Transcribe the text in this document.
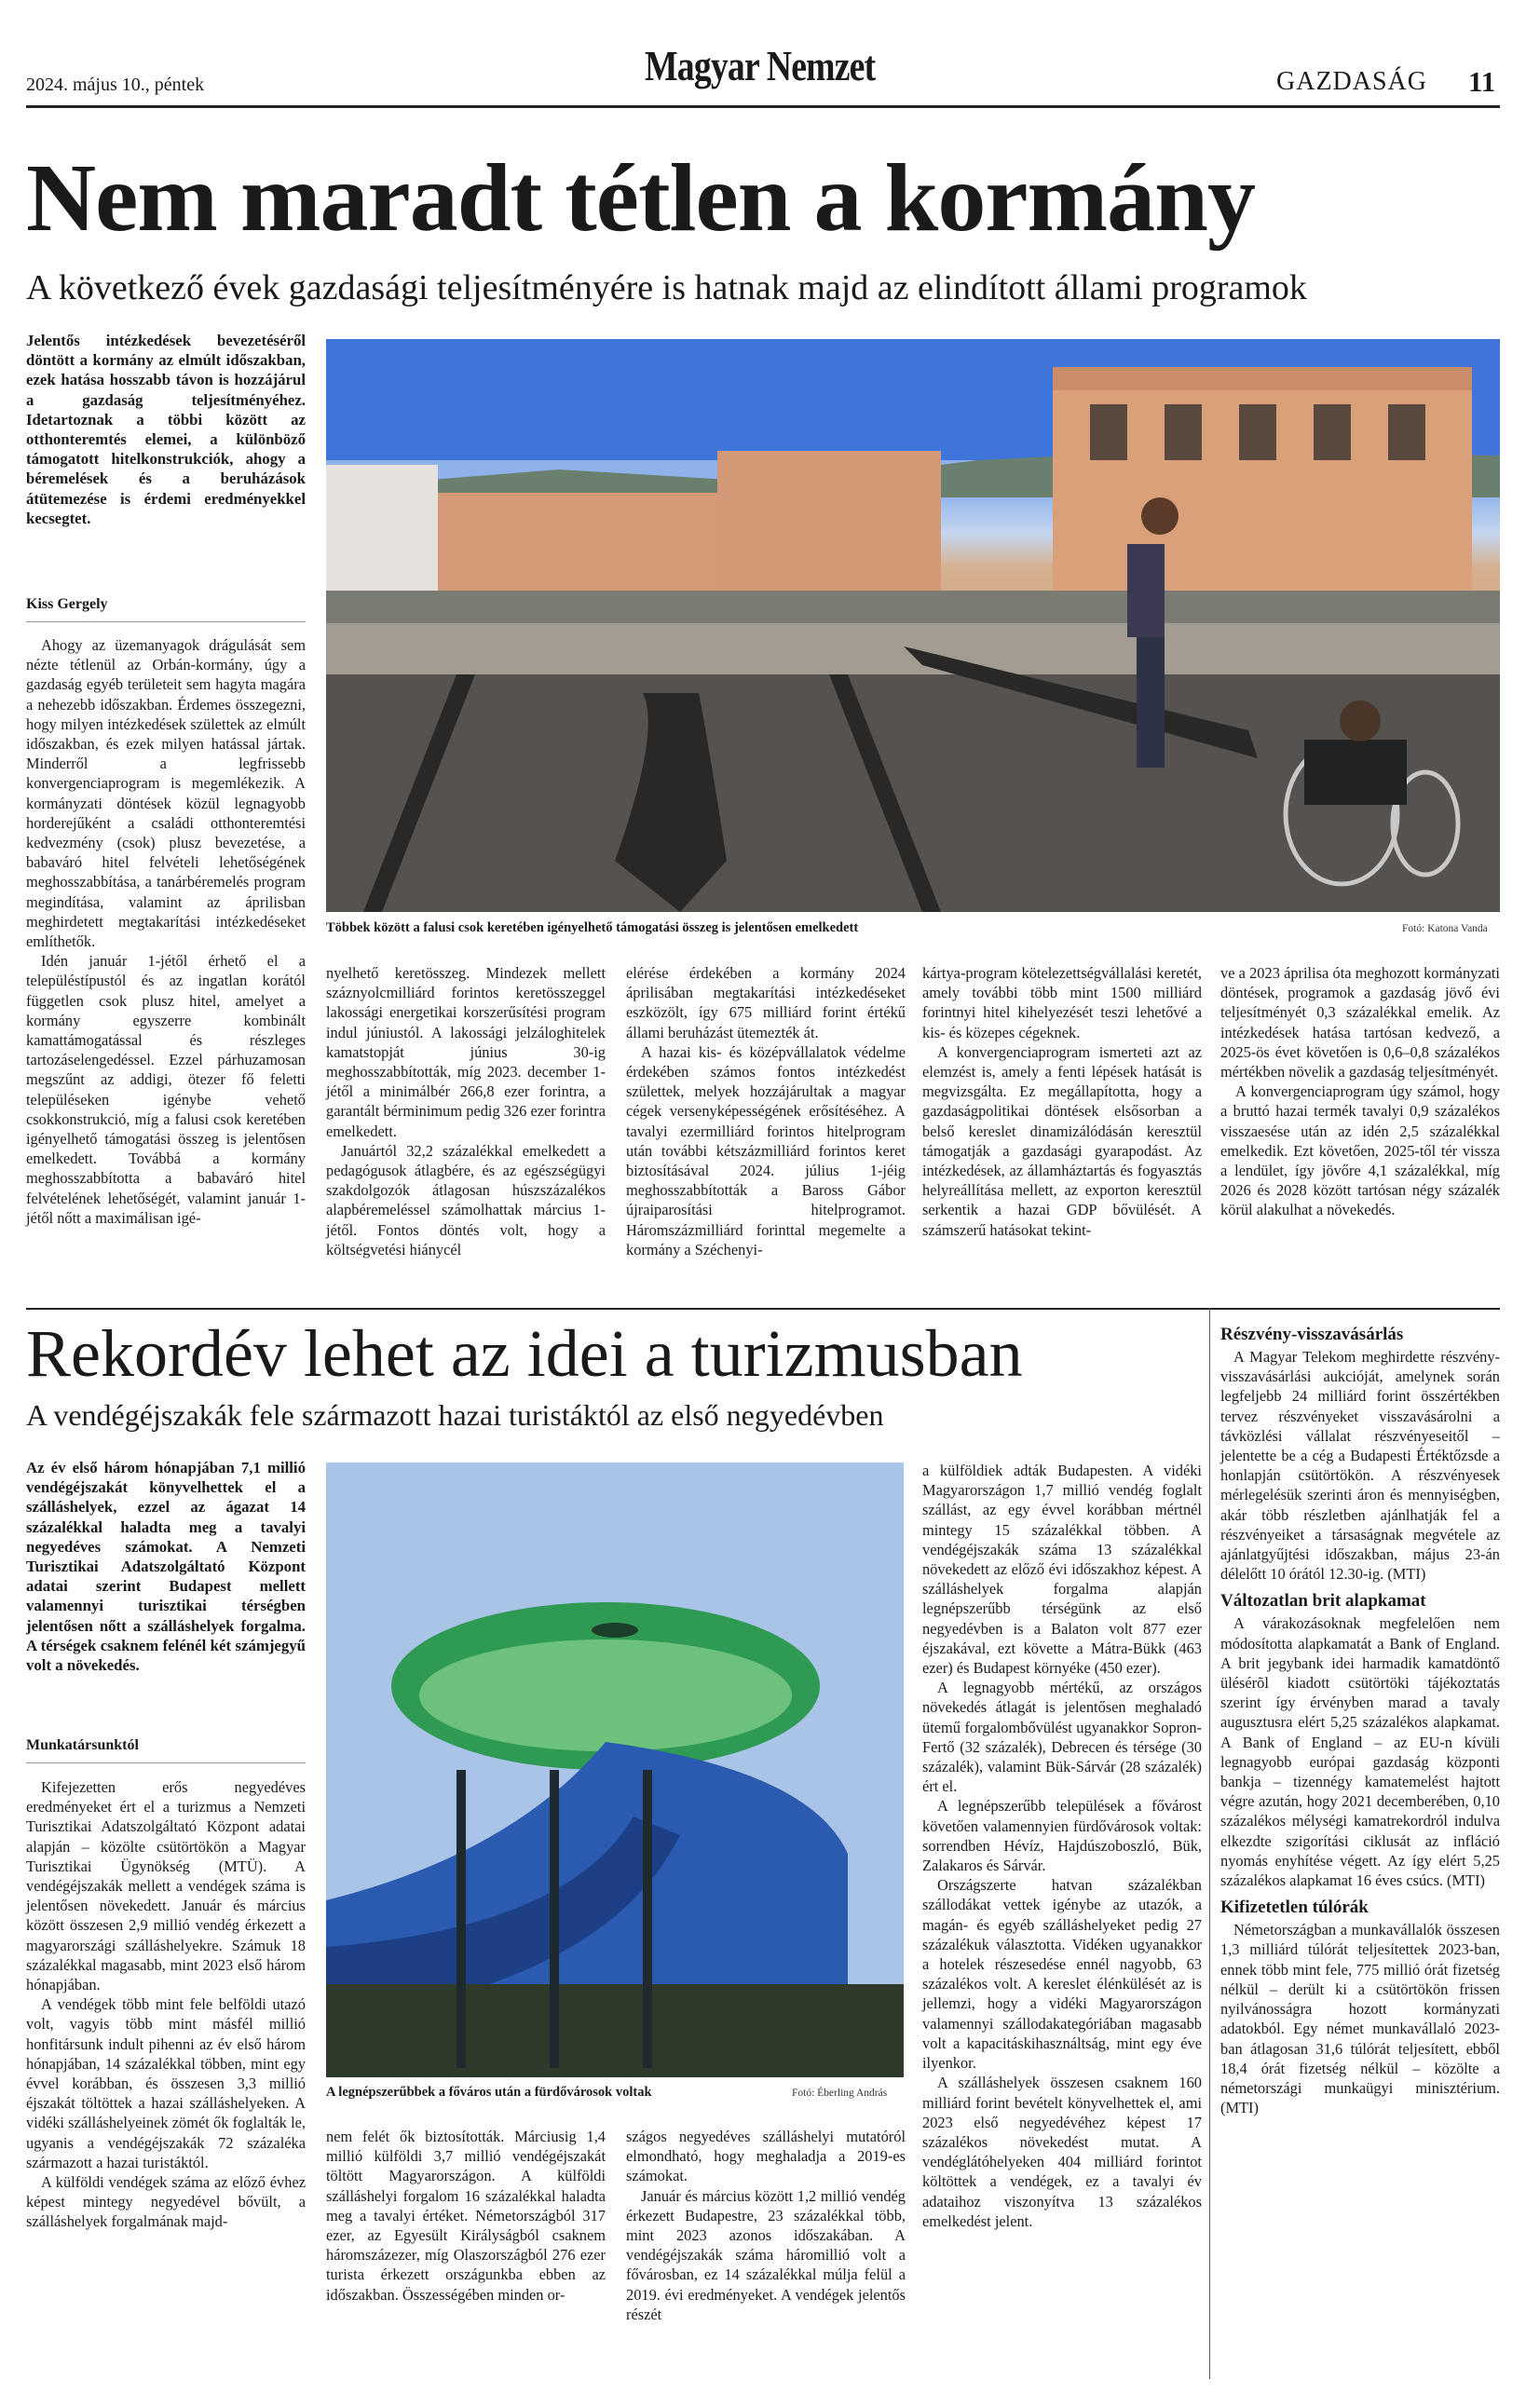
2024. május 10., péntek	Magyar Nemzet	GAZDASÁG 11
Nem maradt tétlen a kormány
A következő évek gazdasági teljesítményére is hatnak majd az elindított állami programok

Jelentős intézkedések bevezetéséről döntött a kormány az elmúlt időszakban, ezek hatása hosszabb távon is hozzájárul a gazdaság teljesítményéhez. Idetartoznak a többi között az otthonteremtés elemei, a különböző támogatott hitelkonstrukciók, ahogy a béremelések és a beruházások átütemezése is érdemi eredményekkel kecsegtet.

Kiss Gergely
Többek között a falusi csok keretében igényelhető támogatási összeg is jelentősen emelkedett	Fotó: Katona Vanda

Ahogy az üzemanyagok drágulását sem nézte tétlenül az Orbán-kormány, úgy a gazdaság egyéb területeit sem hagyta magára a nehezebb időszakban. Érdemes összegezni, hogy milyen intézkedések születtek az elmúlt időszakban, és ezek milyen hatással jártak. Minderről a legfrissebb konvergenciaprogram is megemlékezik. A kormányzati döntések közül legnagyobb horderejűként a családi otthonteremtési kedvezmény (csok) plusz bevezetése, a babaváró hitel felvételi lehetőségének meghosszabbítása, a tanárbéremelés program megindítása, valamint az áprilisban meghirdetett megtakarítási intézkedéseket említhetők.

Idén január 1-jétől érhető el a településtípustól és az ingatlan korától független csok plusz hitel, amelyet a kormány egyszerre kombinált kamattámogatással és részleges tartozáselengedéssel. Ezzel párhuzamosan megszűnt az addigi, ötezer fő feletti településeken igénybe vehető csokkonstrukció, míg a falusi csok keretében igényelhető támogatási összeg is jelentősen emelkedett. Továbbá a kormány meghosszabbította a babaváró hitel felvételének lehetőségét, valamint január 1-jétől nőtt a maximálisan igé-

nyelhető keretösszeg. Mindezek mellett száznyolcmilliárd forintos keretösszeggel lakossági energetikai korszerűsítési program indul júniustól. A lakossági jelzáloghitelek kamatstopját június 30-ig meghosszabbították, míg 2023. december 1-jétől a minimálbér 266,8 ezer forintra, a garantált bérminimum pedig 326 ezer forintra emelkedett.

Januártól 32,2 százalékkal emelkedett a pedagógusok átlagbére, és az egészségügyi szakdolgozók átlagosan húszszázalékos alapbéremeléssel számolhattak március 1-jétől. Fontos döntés volt, hogy a költségvetési hiánycél

elérése érdekében a kormány 2024 áprilisában megtakarítási intézkedéseket eszközölt, így 675 milliárd forint értékű állami beruházást ütemezték át.

A hazai kis- és középvállalatok védelme érdekében számos fontos intézkedést születtek, melyek hozzájárultak a magyar cégek versenyképességének erősítéséhez. A tavalyi ezermilliárd forintos hitelprogram után további kétszázmilliárd forintos keret biztosításával 2024. július 1-jéig meghosszabbították a Baross Gábor újraiparosítási hitelprogramot. Háromszázmilliárd forinttal megemelte a kormány a Széchenyi-

kártya-program kötelezettségvállalási keretét, amely további több mint 1500 milliárd forintnyi hitel kihelyezését teszi lehetővé a kis- és közepes cégeknek.

A konvergenciaprogram ismerteti azt az elemzést is, amely a fenti lépések hatását is megvizsgálta. Ez megállapította, hogy a gazdaságpolitikai döntések elsősorban a belső kereslet dinamizálódásán keresztül támogatják a gazdasági gyarapodást. Az intézkedések, az államháztartás és fogyasztás helyreállítása mellett, az exporton keresztül serkentik a hazai GDP bővülését. A számszerű hatásokat tekint-

ve a 2023 áprilisa óta meghozott kormányzati döntések, programok a gazdaság jövő évi teljesítményét 0,3 százalékkal emelik. Az intézkedések hatása tartósan kedvező, a 2025-ös évet követően is 0,6–0,8 százalékos mértékben növelik a gazdaság teljesítményét.

A konvergenciaprogram úgy számol, hogy a bruttó hazai termék tavalyi 0,9 százalékos visszaesése után az idén 2,5 százalékkal emelkedik. Ezt követően, 2025-től tér vissza a lendület, így jövőre 4,1 százalékkal, míg 2026 és 2028 között tartósan négy százalék körül alakulhat a növekedés.

Rekordév lehet az idei a turizmusban
A vendégéjszakák fele származott hazai turistáktól az első negyedévben

Az év első három hónapjában 7,1 millió vendégéjszakát könyvelhettek el a szálláshelyek, ezzel az ágazat 14 százalékkal haladta meg a tavalyi negyedéves számokat. A Nemzeti Turisztikai Adatszolgáltató Központ adatai szerint Budapest mellett valamennyi turisztikai térségben jelentősen nőtt a szálláshelyek forgalma. A térségek csaknem felénél két számjegyű volt a növekedés.

Munkatársunktól
A legnépszerűbbek a főváros után a fürdővárosok voltak	Fotó: Éberling András

Kifejezetten erős negyedéves eredményeket ért el a turizmus a Nemzeti Turisztikai Adatszolgáltató Központ adatai alapján – közölte csütörtökön a Magyar Turisztikai Ügynökség (MTÜ). A vendégéjszakák mellett a vendégek száma is jelentősen növekedett. Január és március között összesen 2,9 millió vendég érkezett a magyarországi szálláshelyekre. Számuk 18 százalékkal magasabb, mint 2023 első három hónapjában.

A vendégek több mint fele belföldi utazó volt, vagyis több mint másfél millió honfitársunk indult pihenni az év első három hónapjában, 14 százalékkal többen, mint egy évvel korábban, és összesen 3,3 millió éjszakát töltöttek a hazai szálláshelyeken. A vidéki szálláshelyeinek zömét ők foglalták le, ugyanis a vendégéjszakák 72 százaléka származott a hazai turistáktól.

A külföldi vendégek száma az előző évhez képest mintegy negyedével bővült, a szálláshelyek forgalmának majd-

nem felét ők biztosították. Márciusig 1,4 millió külföldi 3,7 millió vendégéjszakát töltött Magyarországon. A külföldi szálláshelyi forgalom 16 százalékkal haladta meg a tavalyi értéket. Németországból 317 ezer, az Egyesült Királyságból csaknem háromszázezer, míg Olaszországból 276 ezer turista érkezett országunkba ebben az időszakban. Összességében minden or-

szágos negyedéves szálláshelyi mutatóról elmondható, hogy meghaladja a 2019-es számokat.

Január és március között 1,2 millió vendég érkezett Budapestre, 23 százalékkal több, mint 2023 azonos időszakában. A vendégéjszakák száma háromillió volt a fővárosban, ez 14 százalékkal múlja felül a 2019. évi eredményeket. A vendégek jelentős részét

a külföldiek adták Budapesten. A vidéki Magyarországon 1,7 millió vendég foglalt szállást, az egy évvel korábban mértnél mintegy 15 százalékkal többen. A vendégéjszakák száma 13 százalékkal növekedett az előző évi időszakhoz képest. A szálláshelyek forgalma alapján legnépszerűbb térségünk az első negyedévben is a Balaton volt 877 ezer éjszakával, ezt követte a Mátra-Bükk (463 ezer) és Budapest környéke (450 ezer).

A legnagyobb mértékű, az országos növekedés átlagát is jelentősen meghaladó ütemű forgalombővülést ugyanakkor Sopron-Fertő (32 százalék), Debrecen és térsége (30 százalék), valamint Bük-Sárvár (28 százalék) ért el.

A legnépszerűbb települések a fővárost követően valamennyien fürdővárosok voltak: sorrendben Hévíz, Hajdúszoboszló, Bük, Zalakaros és Sárvár.

Országszerte hatvan százalékban szállodákat vettek igénybe az utazók, a magán- és egyéb szálláshelyeket pedig 27 százalékuk választotta. Vidéken ugyanakkor a hotelek részesedése ennél nagyobb, 63 százalékos volt. A kereslet élénkülését az is jellemzi, hogy a vidéki Magyarországon valamennyi szállodakategóriában magasabb volt a kapacitáskihasználtság, mint egy éve ilyenkor.

A szálláshelyek összesen csaknem 160 milliárd forint bevételt könyvelhettek el, ami 2023 első negyedévéhez képest 17 százalékos növekedést mutat. A vendéglátóhelyeken 404 milliárd forintot költöttek a vendégek, ez a tavalyi év adataihoz viszonyítva 13 százalékos emelkedést jelent.

Részvény-visszavásárlás

A Magyar Telekom meghirdette részvény-visszavásárlási aukcióját, amelynek során legfeljebb 24 milliárd forint összértékben tervez részvényeket visszavásárolni a távközlési vállalat részvényeseitől – jelentette be a cég a Budapesti Értéktőzsde a honlapján csütörtökön. A részvényesek mérlegelésük szerinti áron és mennyiségben, akár több részletben ajánlhatják fel a részvényeiket a társaságnak megvétele az ajánlatgyűjtési időszakban, május 23-án délelőtt 10 órától 12.30-ig. (MTI)

Változatlan brit alapkamat

A várakozásoknak megfelelően nem módosította alapkamatát a Bank of England. A brit jegybank idei harmadik kamatdöntő ülésérõl kiadott csütörtöki tájékoztatás szerint így érvényben marad a tavaly augusztusra elért 5,25 százalékos alapkamat. A Bank of England – az EU-n kívüli legnagyobb európai gazdaság központi bankja – tizennégy kamatemelést hajtott végre azután, hogy 2021 decemberében, 0,10 százalékos mélységi kamatrekordról indulva elkezdte szigorítási ciklusát az infláció nyomás enyhítése végett. Az így elért 5,25 százalékos alapkamat 16 éves csúcs. (MTI)

Kifizetetlen túlórák

Németországban a munkavállalók összesen 1,3 milliárd túlórát teljesítettek 2023-ban, ennek több mint fele, 775 millió órát fizetség nélkül – derült ki a csütörtökön frissen nyilvánosságra hozott kormányzati adatokból. Egy német munkavállaló 2023-ban átlagosan 31,6 túlórát teljesített, ebből 18,4 órát fizetség nélkül – közölte a németországi munkaügyi minisztérium. (MTI)
